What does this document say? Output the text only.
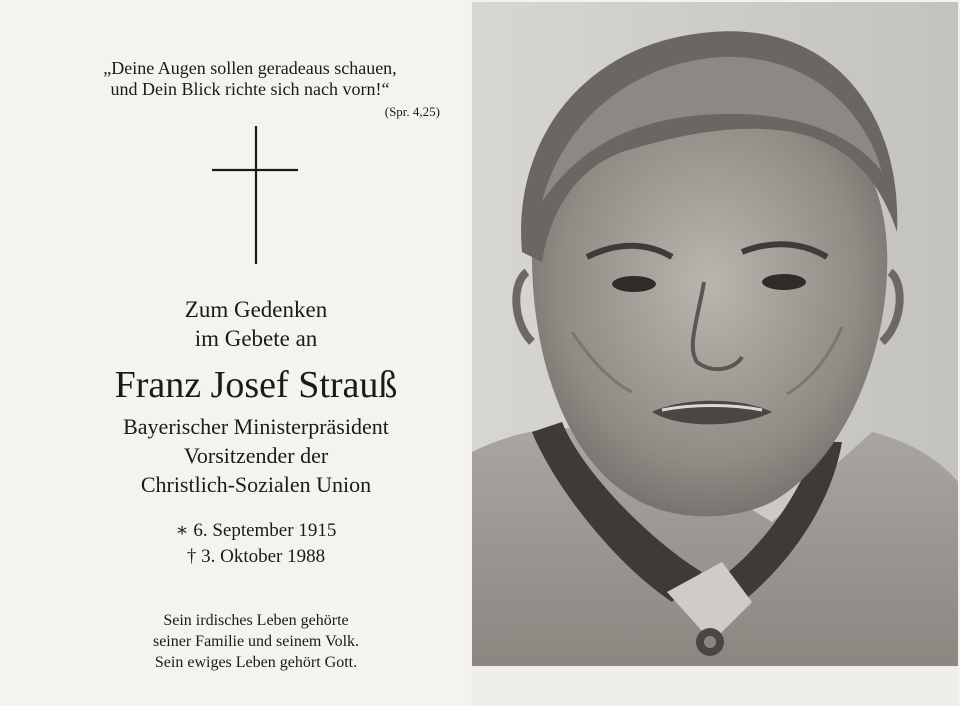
„Deine Augen sollen geradeaus schauen,
und Dein Blick richte sich nach vorn!“
(Spr. 4,25)
Zum Gedenken
im Gebete an
Franz Josef Strauß
Bayerischer Ministerpräsident
Vorsitzender der
Christlich-Sozialen Union
∗ 6. September 1915
† 3. Oktober 1988
Sein irdisches Leben gehörte
seiner Familie und seinem Volk.
Sein ewiges Leben gehört Gott.
